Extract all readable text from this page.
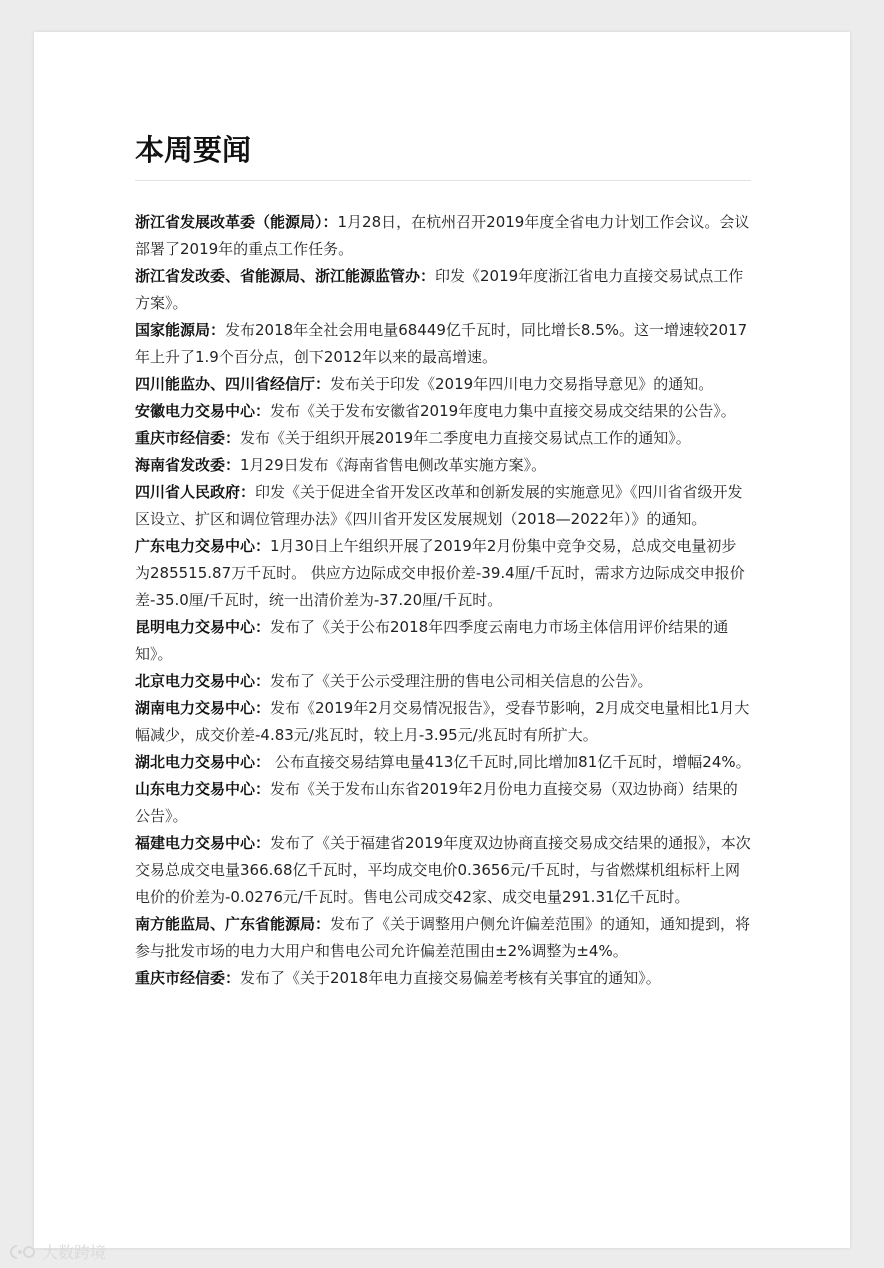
本周要闻
浙江省发展改革委（能源局）：1月28日，在杭州召开2019年度全省电力计划工作会议。会议部署了2019年的重点工作任务。
浙江省发改委、省能源局、浙江能源监管办：印发《2019年度浙江省电力直接交易试点工作方案》。
国家能源局：发布2018年全社会用电量68449亿千瓦时，同比增长8.5%。这一增速较2017年上升了1.9个百分点，创下2012年以来的最高增速。
四川能监办、四川省经信厅：发布关于印发《2019年四川电力交易指导意见》的通知。
安徽电力交易中心：发布《关于发布安徽省2019年度电力集中直接交易成交结果的公告》。
重庆市经信委：发布《关于组织开展2019年二季度电力直接交易试点工作的通知》。
海南省发改委：1月29日发布《海南省售电侧改革实施方案》。
四川省人民政府：印发《关于促进全省开发区改革和创新发展的实施意见》《四川省省级开发区设立、扩区和调位管理办法》《四川省开发区发展规划（2018—2022年）》的通知。
广东电力交易中心：1月30日上午组织开展了2019年2月份集中竞争交易，总成交电量初步为285515.87万千瓦时。 供应方边际成交申报价差-39.4厘/千瓦时，需求方边际成交申报价差-35.0厘/千瓦时，统一出清价差为-37.20厘/千瓦时。
昆明电力交易中心：发布了《关于公布2018年四季度云南电力市场主体信用评价结果的通知》。
北京电力交易中心：发布了《关于公示受理注册的售电公司相关信息的公告》。
湖南电力交易中心：发布《2019年2月交易情况报告》，受春节影响，2月成交电量相比1月大幅减少，成交价差-4.83元/兆瓦时，较上月-3.95元/兆瓦时有所扩大。
湖北电力交易中心： 公布直接交易结算电量413亿千瓦时,同比增加81亿千瓦时，增幅24%。
山东电力交易中心：发布《关于发布山东省2019年2月份电力直接交易（双边协商）结果的公告》。
福建电力交易中心：发布了《关于福建省2019年度双边协商直接交易成交结果的通报》，本次交易总成交电量366.68亿千瓦时，平均成交电价0.3656元/千瓦时，与省燃煤机组标杆上网电价的价差为-0.0276元/千瓦时。售电公司成交42家、成交电量291.31亿千瓦时。
南方能监局、广东省能源局：发布了《关于调整用户侧允许偏差范围》的通知，通知提到，将参与批发市场的电力大用户和售电公司允许偏差范围由±2%调整为±4%。
重庆市经信委：发布了《关于2018年电力直接交易偏差考核有关事宜的通知》。
大数跨境
